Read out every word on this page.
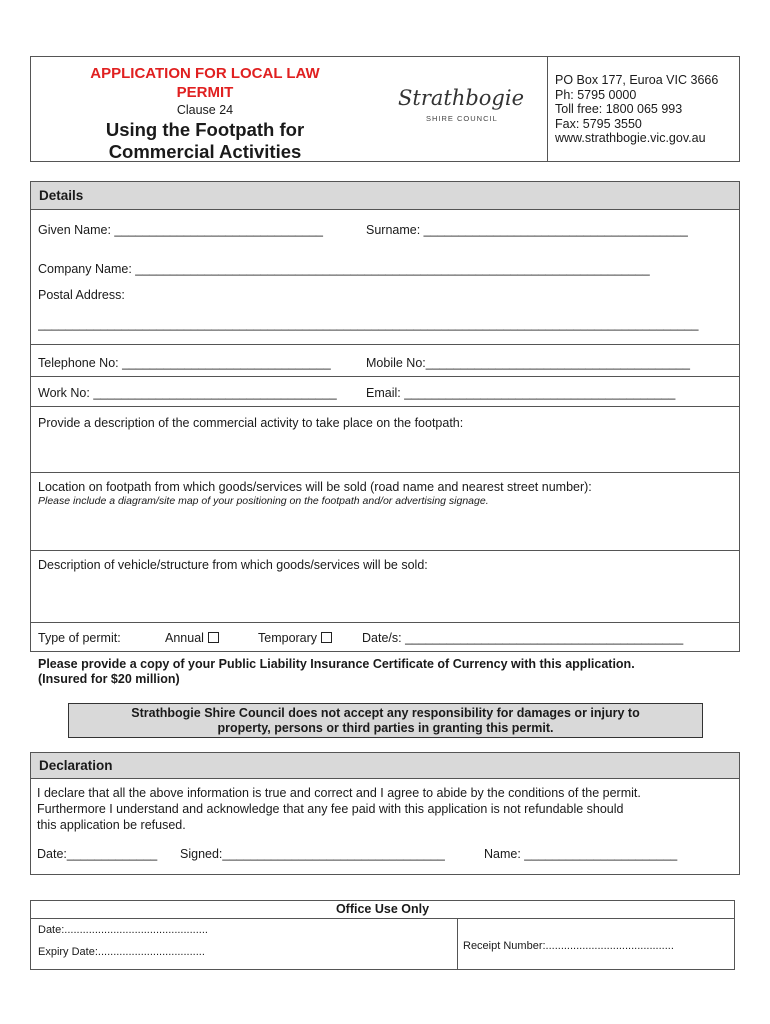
APPLICATION FOR LOCAL LAW
PERMIT
Clause 24
Using the Footpath for
Commercial Activities
Strathbogie
SHIRE COUNCIL
PO Box 177, Euroa VIC 3666
Ph: 5795 0000
Toll free: 1800 065 993
Fax: 5795 3550
www.strathbogie.vic.gov.au
Details
Given Name: ______________________________	Surname: ______________________________________
Company Name: __________________________________________________________________________
Postal Address:
_______________________________________________________________________________________________
Telephone No: ______________________________	Mobile No:______________________________________
Work No: ___________________________________ Email: _______________________________________
Provide a description of the commercial activity to take place on the footpath:
Location on footpath from which goods/services will be sold (road name and nearest street number):
Please include a diagram/site map of your positioning on the footpath and/or advertising signage.
Description of vehicle/structure from which goods/services will be sold:
Type of permit:	Annual	Temporary	Date/s: ________________________________________
Please provide a copy of your Public Liability Insurance Certificate of Currency with this application.
(Insured for $20 million)
Strathbogie Shire Council does not accept any responsibility for damages or injury to
property, persons or third parties in granting this permit.
Declaration
I declare that all the above information is true and correct and I agree to abide by the conditions of the permit.
Furthermore I understand and acknowledge that any fee paid with this application is not refundable should
this application be refused.
Date:_____________ Signed:________________________________	Name: ______________________
Office Use Only
Date:...............................................
Expiry Date:...................................	Receipt Number:..........................................
